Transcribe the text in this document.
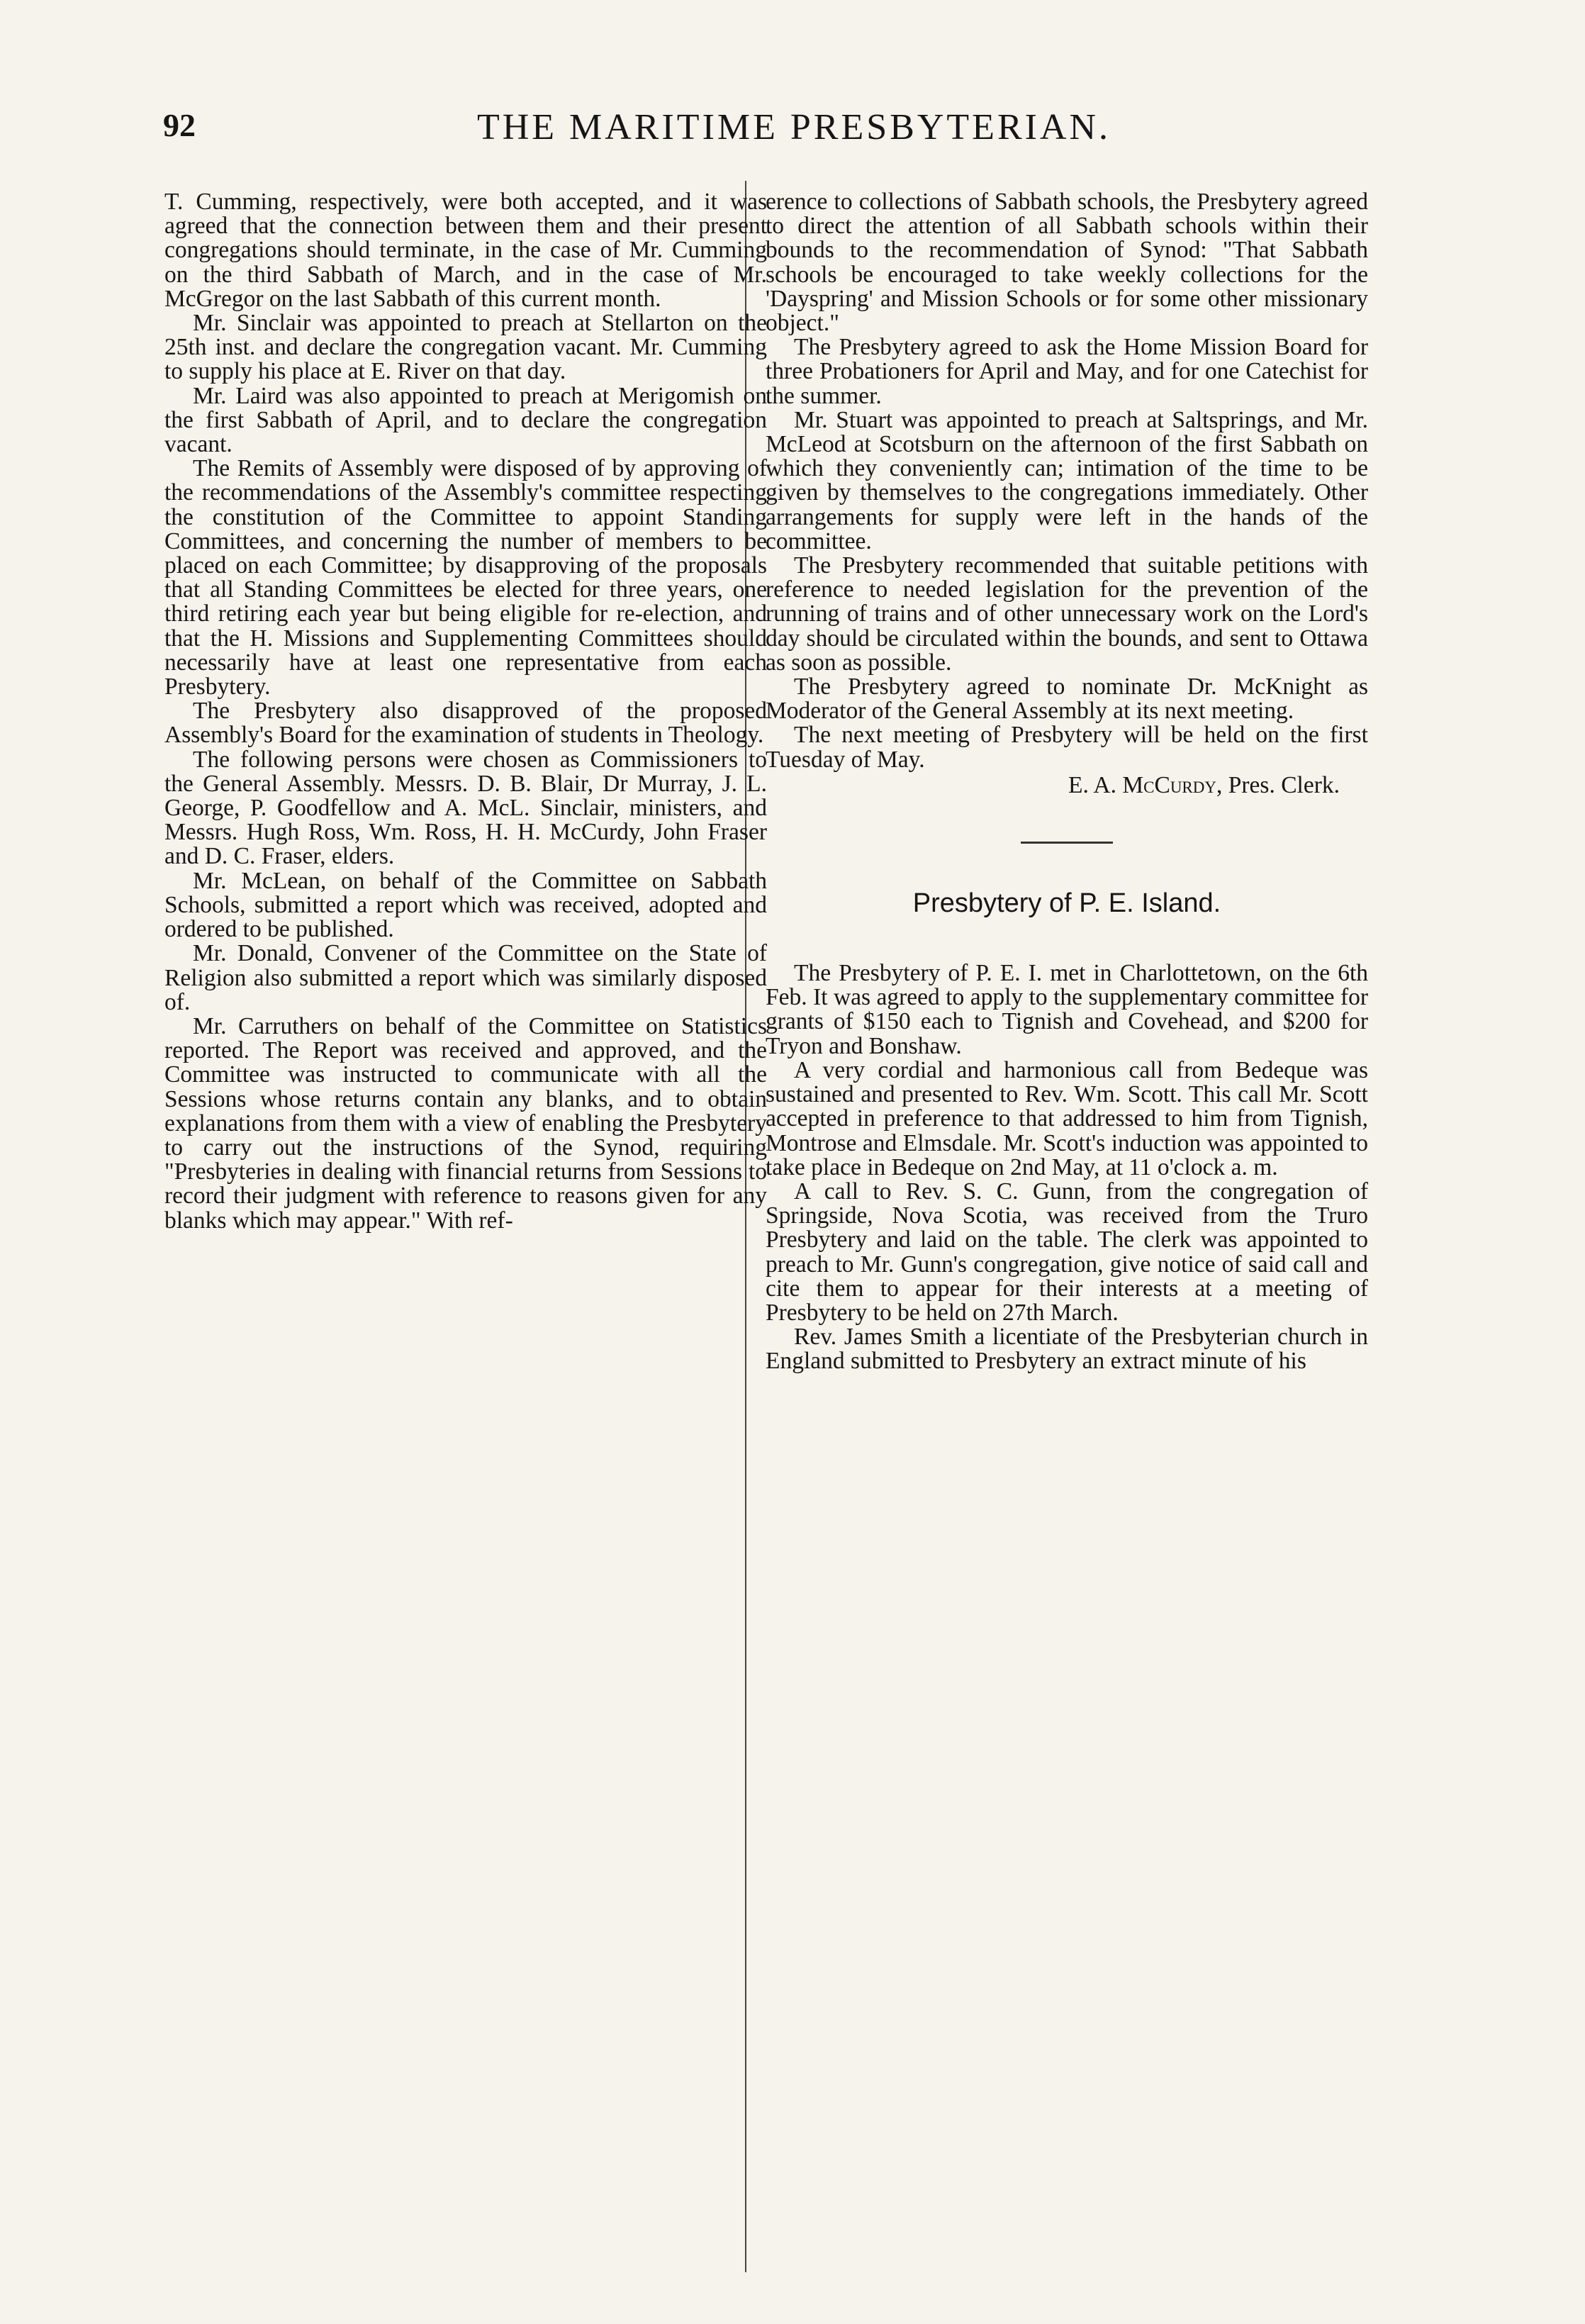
92	THE MARITIME PRESBYTERIAN.

T. Cumming, respectively, were both accepted, and it was agreed that the connection between them and their present congregations should terminate, in the case of Mr. Cumming on the third Sabbath of March, and in the case of Mr. McGregor on the last Sabbath of this current month.

Mr. Sinclair was appointed to preach at Stellarton on the 25th inst. and declare the congregation vacant. Mr. Cumming to supply his place at E. River on that day.

Mr. Laird was also appointed to preach at Merigomish on the first Sabbath of April, and to declare the congregation vacant.

The Remits of Assembly were disposed of by approving of the recommendations of the Assembly's committee respecting the constitution of the Committee to appoint Standing Committees, and concerning the number of members to be placed on each Committee; by disapproving of the proposals that all Standing Committees be elected for three years, one third retiring each year but being eligible for re-election, and that the H. Missions and Supplementing Committees should necessarily have at least one representative from each Presbytery.

The Presbytery also disapproved of the proposed Assembly's Board for the examination of students in Theology.

The following persons were chosen as Commissioners to the General Assembly. Messrs. D. B. Blair, Dr Murray, J. L. George, P. Goodfellow and A. McL. Sinclair, ministers, and Messrs. Hugh Ross, Wm. Ross, H. H. McCurdy, John Fraser and D. C. Fraser, elders.

Mr. McLean, on behalf of the Committee on Sabbath Schools, submitted a report which was received, adopted and ordered to be published.

Mr. Donald, Convener of the Committee on the State of Religion also submitted a report which was similarly disposed of.

Mr. Carruthers on behalf of the Committee on Statistics reported. The Report was received and approved, and the Committee was instructed to communicate with all the Sessions whose returns contain any blanks, and to obtain explanations from them with a view of enabling the Presbytery to carry out the instructions of the Synod, requiring "Presbyteries in dealing with financial returns from Sessions to record their judgment with reference to reasons given for any blanks which may appear." With ref-

erence to collections of Sabbath schools, the Presbytery agreed to direct the attention of all Sabbath schools within their bounds to the recommendation of Synod: "That Sabbath schools be encouraged to take weekly collections for the 'Dayspring' and Mission Schools or for some other missionary object."

The Presbytery agreed to ask the Home Mission Board for three Probationers for April and May, and for one Catechist for the summer.

Mr. Stuart was appointed to preach at Saltsprings, and Mr. McLeod at Scotsburn on the afternoon of the first Sabbath on which they conveniently can; intimation of the time to be given by themselves to the congregations immediately. Other arrangements for supply were left in the hands of the committee.

The Presbytery recommended that suitable petitions with reference to needed legislation for the prevention of the running of trains and of other unnecessary work on the Lord's day should be circulated within the bounds, and sent to Ottawa as soon as possible.

The Presbytery agreed to nominate Dr. McKnight as Moderator of the General Assembly at its next meeting.

The next meeting of Presbytery will be held on the first Tuesday of May.

E. A. McCurdy, Pres. Clerk.
Presbytery of P. E. Island.

The Presbytery of P. E. I. met in Charlottetown, on the 6th Feb. It was agreed to apply to the supplementary committee for grants of $150 each to Tignish and Covehead, and $200 for Tryon and Bonshaw.

A very cordial and harmonious call from Bedeque was sustained and presented to Rev. Wm. Scott. This call Mr. Scott accepted in preference to that addressed to him from Tignish, Montrose and Elmsdale. Mr. Scott's induction was appointed to take place in Bedeque on 2nd May, at 11 o'clock a. m.

A call to Rev. S. C. Gunn, from the congregation of Springside, Nova Scotia, was received from the Truro Presbytery and laid on the table. The clerk was appointed to preach to Mr. Gunn's congregation, give notice of said call and cite them to appear for their interests at a meeting of Presbytery to be held on 27th March.

Rev. James Smith a licentiate of the Presbyterian church in England submitted to Presbytery an extract minute of his
